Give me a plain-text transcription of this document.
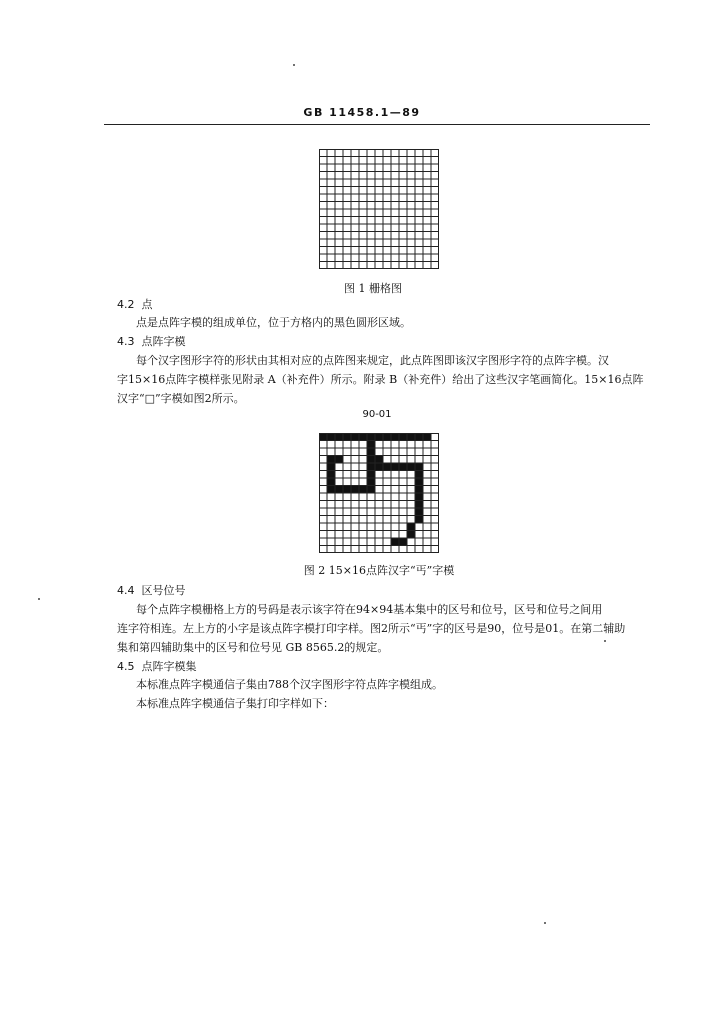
GB 11458.1—89
图 1 栅格图
4.2 点
点是点阵字模的组成单位，位于方格内的黑色圆形区域。
4.3 点阵字模
每个汉字图形字符的形状由其相对应的点阵图来规定，此点阵图即该汉字图形字符的点阵字模。汉
字15×16点阵字模样张见附录 A（补充件）所示。附录 B（补充件）给出了这些汉字笔画简化。15×16点阵
汉字“□”字模如图2所示。
90-01
图 2 15×16点阵汉字“丐”字模
4.4 区号位号
每个点阵字模栅格上方的号码是表示该字符在94×94基本集中的区号和位号，区号和位号之间用
连字符相连。左上方的小字是该点阵字模打印字样。图2所示“丐”字的区号是90，位号是01。在第二辅助
集和第四辅助集中的区号和位号见 GB 8565.2的规定。
4.5 点阵字模集
本标准点阵字模通信子集由788个汉字图形字符点阵字模组成。
本标准点阵字模通信子集打印字样如下：
